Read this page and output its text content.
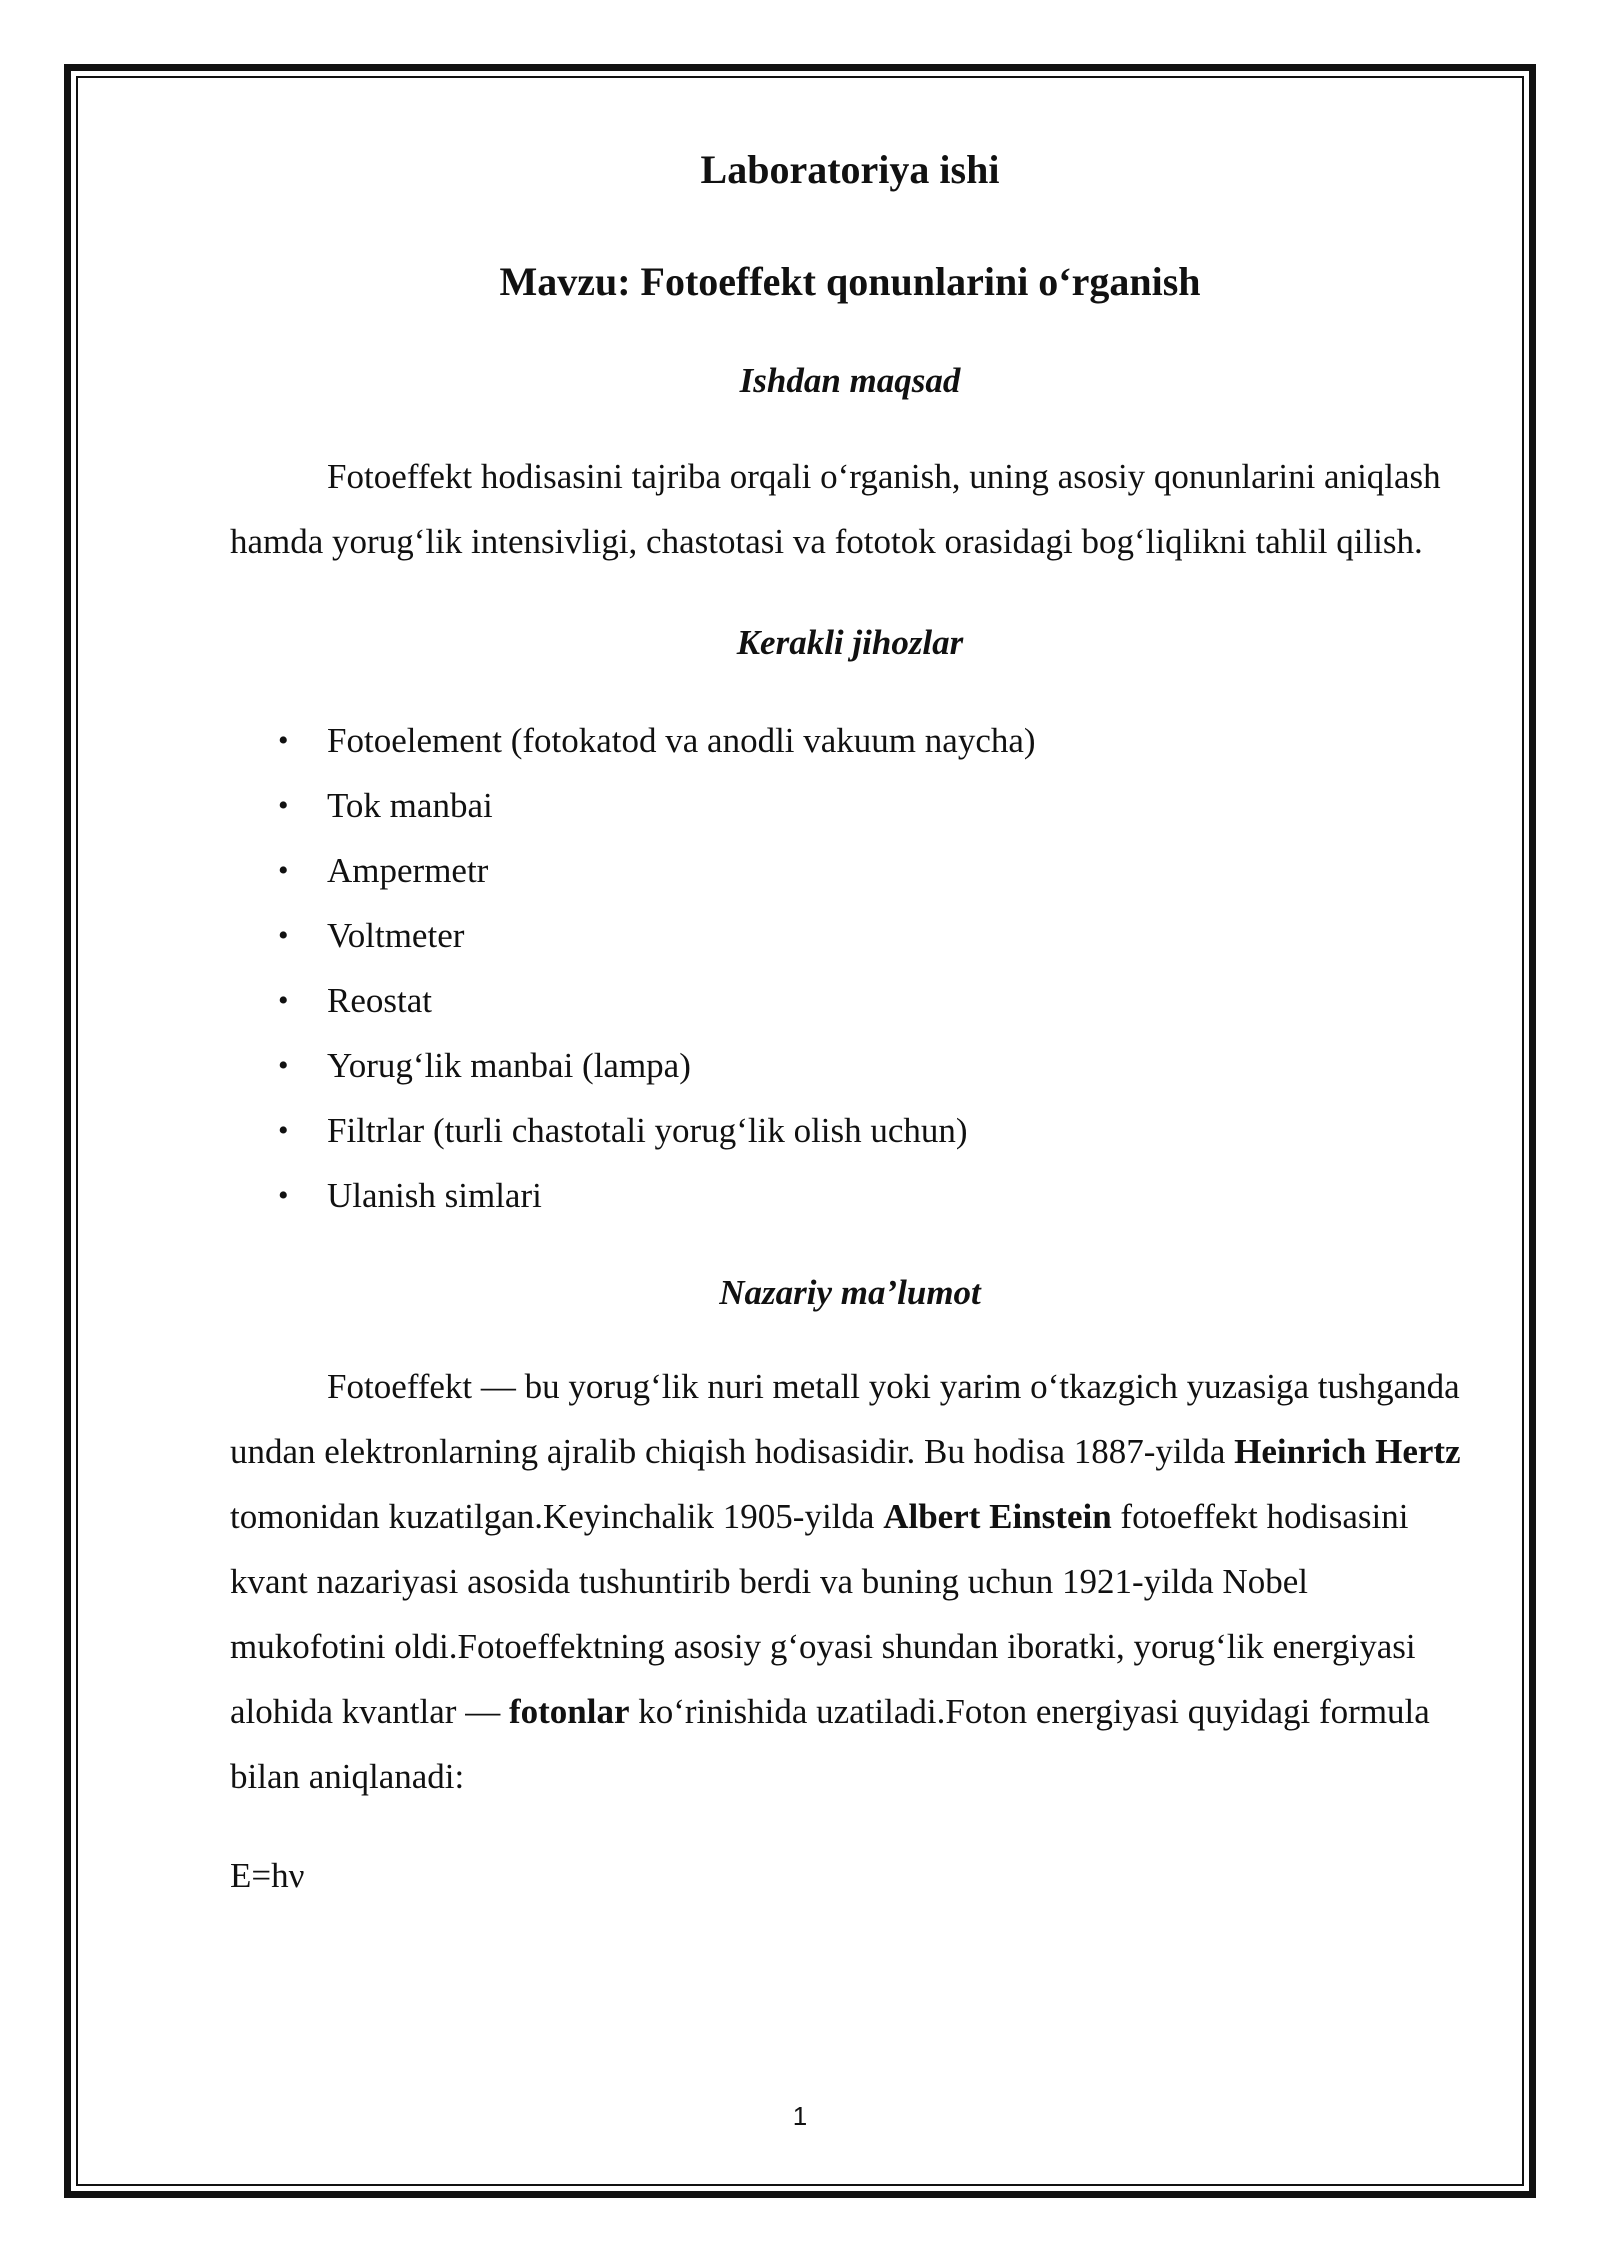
Laboratoriya ishi
Mavzu: Fotoeffekt qonunlarini o‘rganish
Ishdan maqsad

Fotoeffekt hodisasini tajriba orqali o‘rganish, uning asosiy qonunlarini aniqlash hamda yorug‘lik intensivligi, chastotasi va fototok orasidagi bog‘liqlikni tahlil qilish.

Kerakli jihozlar
• Fotoelement (fotokatod va anodli vakuum naycha)
• Tok manbai
• Ampermetr
• Voltmeter
• Reostat
• Yorug‘lik manbai (lampa)
• Filtrlar (turli chastotali yorug‘lik olish uchun)
• Ulanish simlari
Nazariy ma’lumot

Fotoeffekt — bu yorug‘lik nuri metall yoki yarim o‘tkazgich yuzasiga tushganda undan elektronlarning ajralib chiqish hodisasidir. Bu hodisa 1887-yilda Heinrich Hertz tomonidan kuzatilgan.Keyinchalik 1905-yilda Albert Einstein fotoeffekt hodisasini kvant nazariyasi asosida tushuntirib berdi va buning uchun 1921-yilda Nobel mukofotini oldi.Fotoeffektning asosiy g‘oyasi shundan iboratki, yorug‘lik energiyasi alohida kvantlar — fotonlar ko‘rinishida uzatiladi.Foton energiyasi quyidagi formula bilan aniqlanadi:

E=hν

1
